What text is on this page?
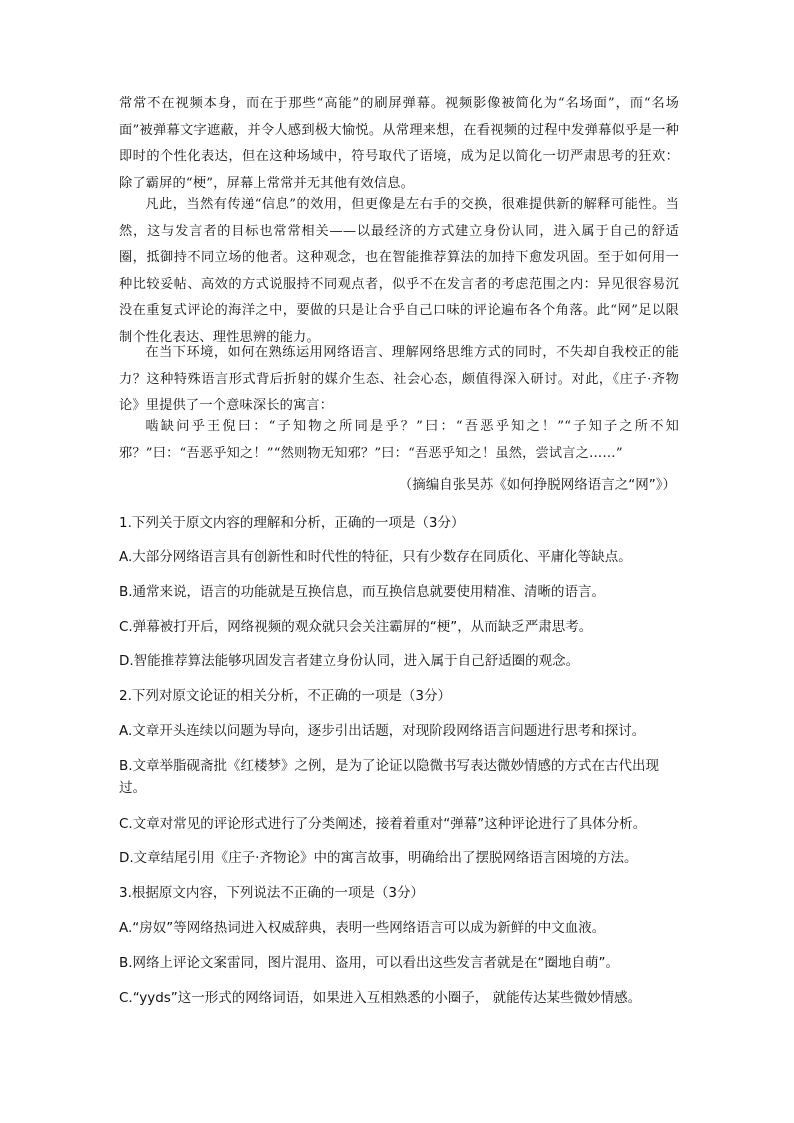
常常不在视频本身，而在于那些“高能”的刷屏弹幕。视频影像被简化为“名场面”，而“名场面”被弹幕文字遮蔽，并令人感到极大愉悦。从常理来想，在看视频的过程中发弹幕似乎是一种即时的个性化表达，但在这种场域中，符号取代了语境，成为足以简化一切严肃思考的狂欢：除了霸屏的“梗”，屏幕上常常并无其他有效信息。

凡此，当然有传递“信息”的效用，但更像是左右手的交换，很难提供新的解释可能性。当然，这与发言者的目标也常常相关——以最经济的方式建立身份认同，进入属于自己的舒适圈，抵御持不同立场的他者。这种观念，也在智能推荐算法的加持下愈发巩固。至于如何用一种比较妥帖、高效的方式说服持不同观点者，似乎不在发言者的考虑范围之内：异见很容易沉没在重复式评论的海洋之中，要做的只是让合乎自己口味的评论遍布各个角落。此“网”足以限制个性化表达、理性思辨的能力。

在当下环境，如何在熟练运用网络语言、理解网络思维方式的同时，不失却自我校正的能力？这种特殊语言形式背后折射的媒介生态、社会心态，颇值得深入研讨。对此，《庄子·齐物论》里提供了一个意味深长的寓言：

啮缺问乎王倪曰：“子知物之所同是乎？”曰：“吾恶乎知之！”“子知子之所不知邪？”曰：“吾恶乎知之！”“然则物无知邪？”曰：“吾恶乎知之！虽然，尝试言之……”

（摘编自张昊苏《如何挣脱网络语言之“网”》）

1.下列关于原文内容的理解和分析，正确的一项是（3分）

A.大部分网络语言具有创新性和时代性的特征，只有少数存在同质化、平庸化等缺点。

B.通常来说，语言的功能就是互换信息，而互换信息就要使用精准、清晰的语言。

C.弹幕被打开后，网络视频的观众就只会关注霸屏的“梗”，从而缺乏严肃思考。

D.智能推荐算法能够巩固发言者建立身份认同，进入属于自己舒适圈的观念。

2.下列对原文论证的相关分析，不正确的一项是（3分）

A.文章开头连续以问题为导向，逐步引出话题，对现阶段网络语言问题进行思考和探讨。

B.文章举脂砚斋批《红楼梦》之例，是为了论证以隐微书写表达微妙情感的方式在古代出现过。

C.文章对常见的评论形式进行了分类阐述，接着着重对“弹幕”这种评论进行了具体分析。

D.文章结尾引用《庄子·齐物论》中的寓言故事，明确给出了摆脱网络语言困境的方法。

3.根据原文内容，下列说法不正确的一项是（3分）

A.“房奴”等网络热词进入权威辞典，表明一些网络语言可以成为新鲜的中文血液。

B.网络上评论文案雷同，图片混用、盗用，可以看出这些发言者就是在“圈地自萌”。

C.“yyds”这一形式的网络词语，如果进入互相熟悉的小圈子， 就能传达某些微妙情感。
